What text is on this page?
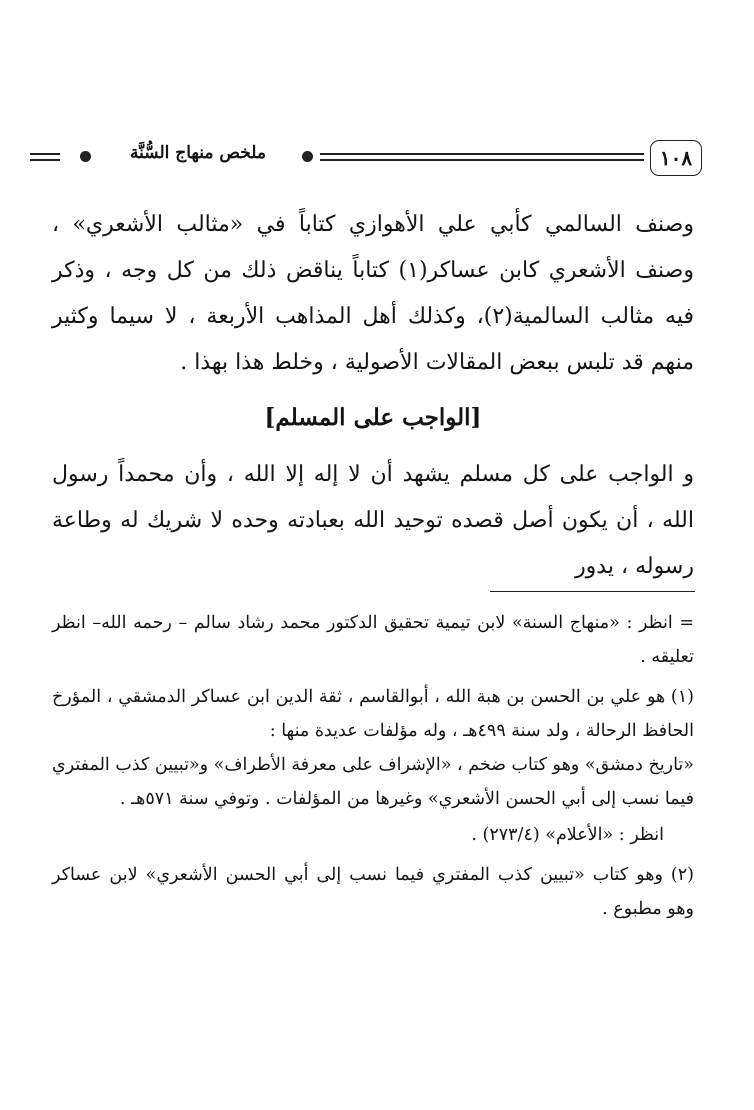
ملخص منهاج السُّنَّة	١٠٨

وصنف السالمي كأبي علي الأهوازي كتاباً في «مثالب الأشعري» ، وصنف الأشعري كابن عساكر(١) كتاباً يناقض ذلك من كل وجه ، وذكر فيه مثالب السالمية(٢)، وكذلك أهل المذاهب الأربعة ، لا سيما وكثير منهم قد تلبس ببعض المقالات الأصولية ، وخلط هذا بهذا .

[الواجب على المسلم]

و الواجب على كل مسلم يشهد أن لا إله إلا الله ، وأن محمداً رسول الله ، أن يكون أصل قصده توحيد الله بعبادته وحده لا شريك له وطاعة رسوله ، يدور

= انظر : «منهاج السنة» لابن تيمية تحقيق الدكتور محمد رشاد سالم – رحمه الله– انظر تعليقه .

(١) هو علي بن الحسن بن هبة الله ، أبوالقاسم ، ثقة الدين ابن عساكر الدمشقي ، المؤرخ الحافظ الرحالة ، ولد سنة ٤٩٩هـ ، وله مؤلفات عديدة منها :

«تاريخ دمشق» وهو كتاب ضخم ، «الإشراف على معرفة الأطراف» و«تبيين كذب المفتري فيما نسب إلى أبي الحسن الأشعري» وغيرها من المؤلفات . وتوفي سنة ٥٧١هـ .

انظر : «الأعلام» (٢٧٣/٤) .

(٢) وهو كتاب «تبيين كذب المفتري فيما نسب إلى أبي الحسن الأشعري» لابن عساكر وهو مطبوع .
